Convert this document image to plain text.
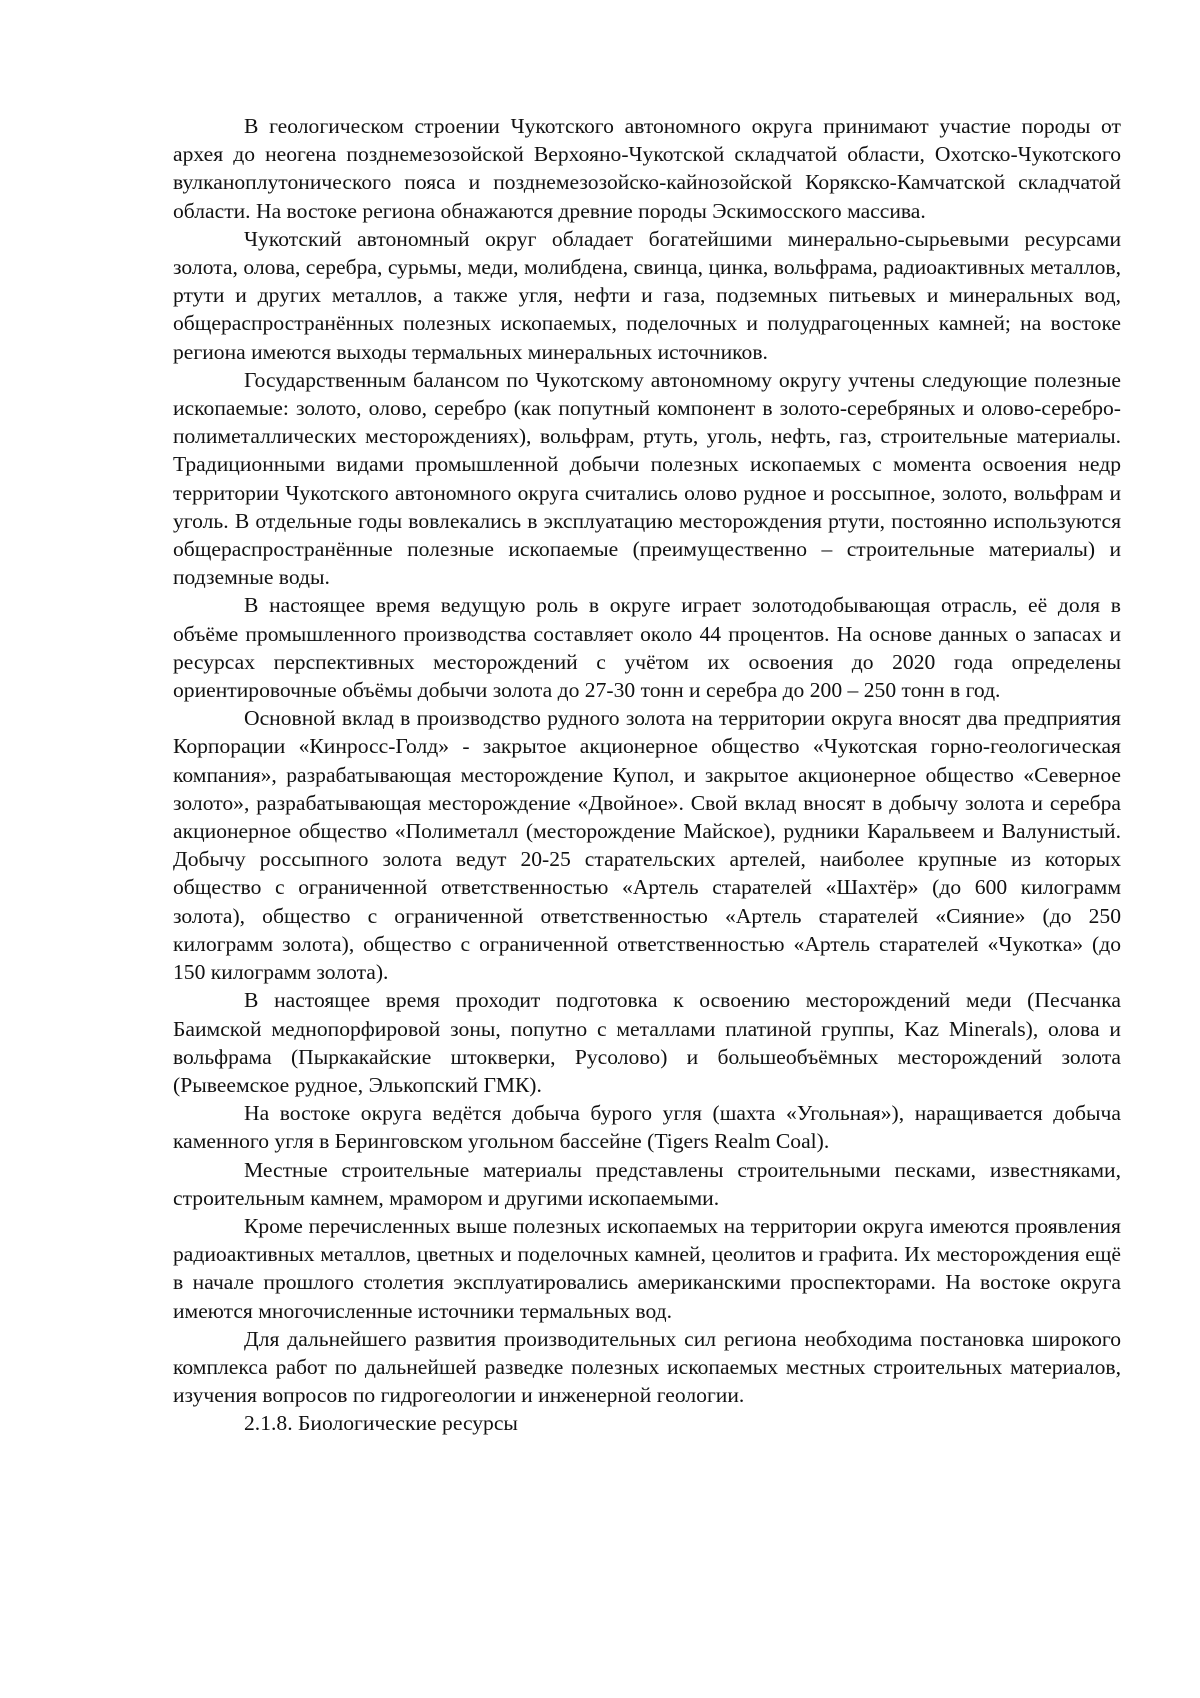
В геологическом строении Чукотского автономного округа принимают участие породы от архея до неогена позднемезозойской Верхояно-Чукотской складчатой области, Охотско-Чукотского вулканоплутонического пояса и позднемезозойско-кайнозойской Корякско-Камчатской складчатой области. На востоке региона обнажаются древние породы Эскимосского массива.

Чукотский автономный округ обладает богатейшими минерально-сырьевыми ресурсами золота, олова, серебра, сурьмы, меди, молибдена, свинца, цинка, вольфрама, радиоактивных металлов, ртути и других металлов, а также угля, нефти и газа, подземных питьевых и минеральных вод, общераспространённых полезных ископаемых, поделочных и полудрагоценных камней; на востоке региона имеются выходы термальных минеральных источников.

Государственным балансом по Чукотскому автономному округу учтены следующие полезные ископаемые: золото, олово, серебро (как попутный компонент в золото-серебряных и олово-серебро-полиметаллических месторождениях), вольфрам, ртуть, уголь, нефть, газ, строительные материалы. Традиционными видами промышленной добычи полезных ископаемых с момента освоения недр территории Чукотского автономного округа считались олово рудное и россыпное, золото, вольфрам и уголь. В отдельные годы вовлекались в эксплуатацию месторождения ртути, постоянно используются общераспространённые полезные ископаемые (преимущественно – строительные материалы) и подземные воды.

В настоящее время ведущую роль в округе играет золотодобывающая отрасль, её доля в объёме промышленного производства составляет около 44 процентов. На основе данных о запасах и ресурсах перспективных месторождений с учётом их освоения до 2020 года определены ориентировочные объёмы добычи золота до 27-30 тонн и серебра до 200 – 250 тонн в год.

Основной вклад в производство рудного золота на территории округа вносят два предприятия Корпорации «Кинросс-Голд» - закрытое акционерное общество «Чукотская горно-геологическая компания», разрабатывающая месторождение Купол, и закрытое акционерное общество «Северное золото», разрабатывающая месторождение «Двойное». Свой вклад вносят в добычу золота и серебра акционерное общество «Полиметалл (месторождение Майское), рудники Каральвеем и Валунистый. Добычу россыпного золота ведут 20-25 старательских артелей, наиболее крупные из которых общество с ограниченной ответственностью «Артель старателей «Шахтёр» (до 600 килограмм золота), общество с ограниченной ответственностью «Артель старателей «Сияние» (до 250 килограмм золота), общество с ограниченной ответственностью «Артель старателей «Чукотка» (до 150 килограмм золота).

В настоящее время проходит подготовка к освоению месторождений меди (Песчанка Баимской меднопорфировой зоны, попутно с металлами платиной группы, Kaz Minerals), олова и вольфрама (Пыркакайские штокверки, Русолово) и большеобъёмных месторождений золота (Рывеемское рудное, Элькопский ГМК).

На востоке округа ведётся добыча бурого угля (шахта «Угольная»), наращивается добыча каменного угля в Беринговском угольном бассейне (Tigers Realm Coal).

Местные строительные материалы представлены строительными песками, известняками, строительным камнем, мрамором и другими ископаемыми.

Кроме перечисленных выше полезных ископаемых на территории округа имеются проявления радиоактивных металлов, цветных и поделочных камней, цеолитов и графита. Их месторождения ещё в начале прошлого столетия эксплуатировались американскими проспекторами. На востоке округа имеются многочисленные источники термальных вод.

Для дальнейшего развития производительных сил региона необходима постановка широкого комплекса работ по дальнейшей разведке полезных ископаемых местных строительных материалов, изучения вопросов по гидрогеологии и инженерной геологии.

2.1.8. Биологические ресурсы
